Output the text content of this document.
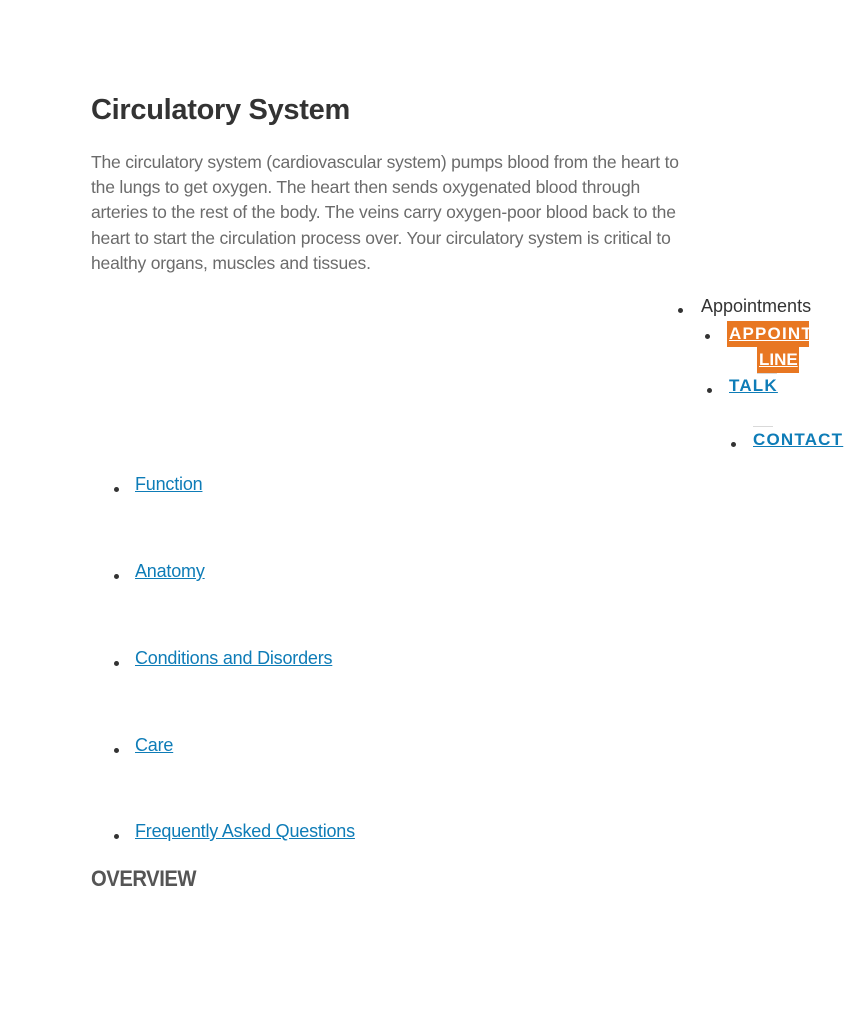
Circulatory System

The circulatory system (cardiovascular system) pumps blood from the heart to the lungs to get oxygen. The heart then sends oxygenated blood through arteries to the rest of the body. The veins carry oxygen-poor blood back to the heart to start the circulation process over. Your circulatory system is critical to healthy organs, muscles and tissues.

Appointments
APPOINTMENT
LINE
TALK
CONTACT
Function
Anatomy
Conditions and Disorders
Care
Frequently Asked Questions
OVERVIEW
